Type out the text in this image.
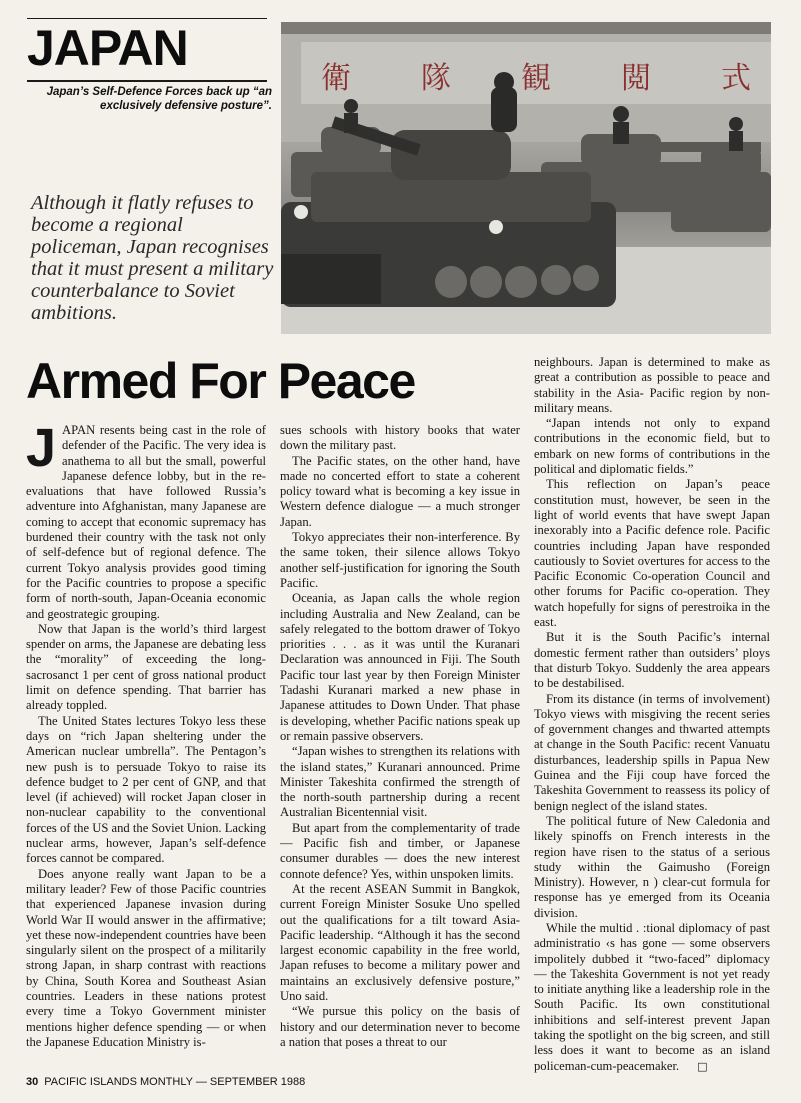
JAPAN
Japan’s Self-Defence Forces back up “an exclusively defensive posture”.

Although it flatly refuses to become a regional policeman, Japan recognises that it must present a military counterbalance to Soviet ambitions.

衛 隊 観 閲 式
Armed For Peace

JAPAN resents being cast in the role of defender of the Pacific. The very idea is anathema to all but the small, powerful Japanese defence lobby, but in the re-evaluations that have followed Russia’s adventure into Afghanistan, many Japanese are coming to accept that economic supremacy has burdened their country with the task not only of self-defence but of regional defence. The current Tokyo analysis provides good timing for the Pacific countries to propose a specific form of north-south, Japan-Oceania economic and geostrategic grouping.

Now that Japan is the world’s third largest spender on arms, the Japanese are debating less the “morality” of exceeding the long-sacrosanct 1 per cent of gross national product limit on defence spending. That barrier has already toppled.

The United States lectures Tokyo less these days on “rich Japan sheltering under the American nuclear umbrella”. The Pentagon’s new push is to persuade Tokyo to raise its defence budget to 2 per cent of GNP, and that level (if achieved) will rocket Japan closer in non-nuclear capability to the conventional forces of the US and the Soviet Union. Lacking nuclear arms, however, Japan’s self-defence forces cannot be compared.

Does anyone really want Japan to be a military leader? Few of those Pacific countries that experienced Japanese invasion during World War II would answer in the affirmative; yet these now-independent countries have been singularly silent on the prospect of a militarily strong Japan, in sharp contrast with reactions by China, South Korea and Southeast Asian countries. Leaders in these nations protest every time a Tokyo Government minister mentions higher defence spending — or when the Japanese Education Ministry is-

sues schools with history books that water down the military past.

The Pacific states, on the other hand, have made no concerted effort to state a coherent policy toward what is becoming a key issue in Western defence dialogue — a much stronger Japan.

Tokyo appreciates their non-interference. By the same token, their silence allows Tokyo another self-justification for ignoring the South Pacific.

Oceania, as Japan calls the whole region including Australia and New Zealand, can be safely relegated to the bottom drawer of Tokyo priorities . . . as it was until the Kuranari Declaration was announced in Fiji. The South Pacific tour last year by then Foreign Minister Tadashi Kuranari marked a new phase in Japanese attitudes to Down Under. That phase is developing, whether Pacific nations speak up or remain passive observers.

“Japan wishes to strengthen its relations with the island states,” Kuranari announced. Prime Minister Takeshita confirmed the strength of the north-south partnership during a recent Australian Bicentennial visit.

But apart from the complementarity of trade — Pacific fish and timber, or Japanese consumer durables — does the new interest connote defence? Yes, within unspoken limits.

At the recent ASEAN Summit in Bangkok, current Foreign Minister Sosuke Uno spelled out the qualifications for a tilt toward Asia-Pacific leadership. “Although it has the second largest economic capability in the free world, Japan refuses to become a military power and maintains an exclusively defensive posture,” Uno said.

“We pursue this policy on the basis of history and our determination never to become a nation that poses a threat to our

neighbours. Japan is determined to make as great a contribution as possible to peace and stability in the Asia- Pacific region by non-military means.

“Japan intends not only to expand contributions in the economic field, but to embark on new forms of contributions in the political and diplomatic fields.”

This reflection on Japan’s peace constitution must, however, be seen in the light of world events that have swept Japan inexorably into a Pacific defence role. Pacific countries including Japan have responded cautiously to Soviet overtures for access to the Pacific Economic Co-operation Council and other forums for Pacific co-operation. They watch hopefully for signs of perestroika in the east.

But it is the South Pacific’s internal domestic ferment rather than outsiders’ ploys that disturb Tokyo. Suddenly the area appears to be destabilised.

From its distance (in terms of involvement) Tokyo views with misgiving the recent series of government changes and thwarted attempts at change in the South Pacific: recent Vanuatu disturbances, leadership spills in Papua New Guinea and the Fiji coup have forced the Takeshita Government to reassess its policy of benign neglect of the island states.

The political future of New Caledonia and likely spinoffs on French interests in the region have risen to the status of a serious study within the Gaimusho (Foreign Ministry). However, n ) clear-cut formula for response has ye emerged from its Oceania division.

While the multid . :tional diplomacy of past administratio ‹s has gone — some observers impolitely dubbed it “two-faced” diplomacy — the Takeshita Government is not yet ready to initiate anything like a leadership role in the South Pacific. Its own constitutional inhibitions and self-interest prevent Japan taking the spotlight on the big screen, and still less does it want to become as an island policeman-cum-peacemaker. □

30 PACIFIC ISLANDS MONTHLY — SEPTEMBER 1988
